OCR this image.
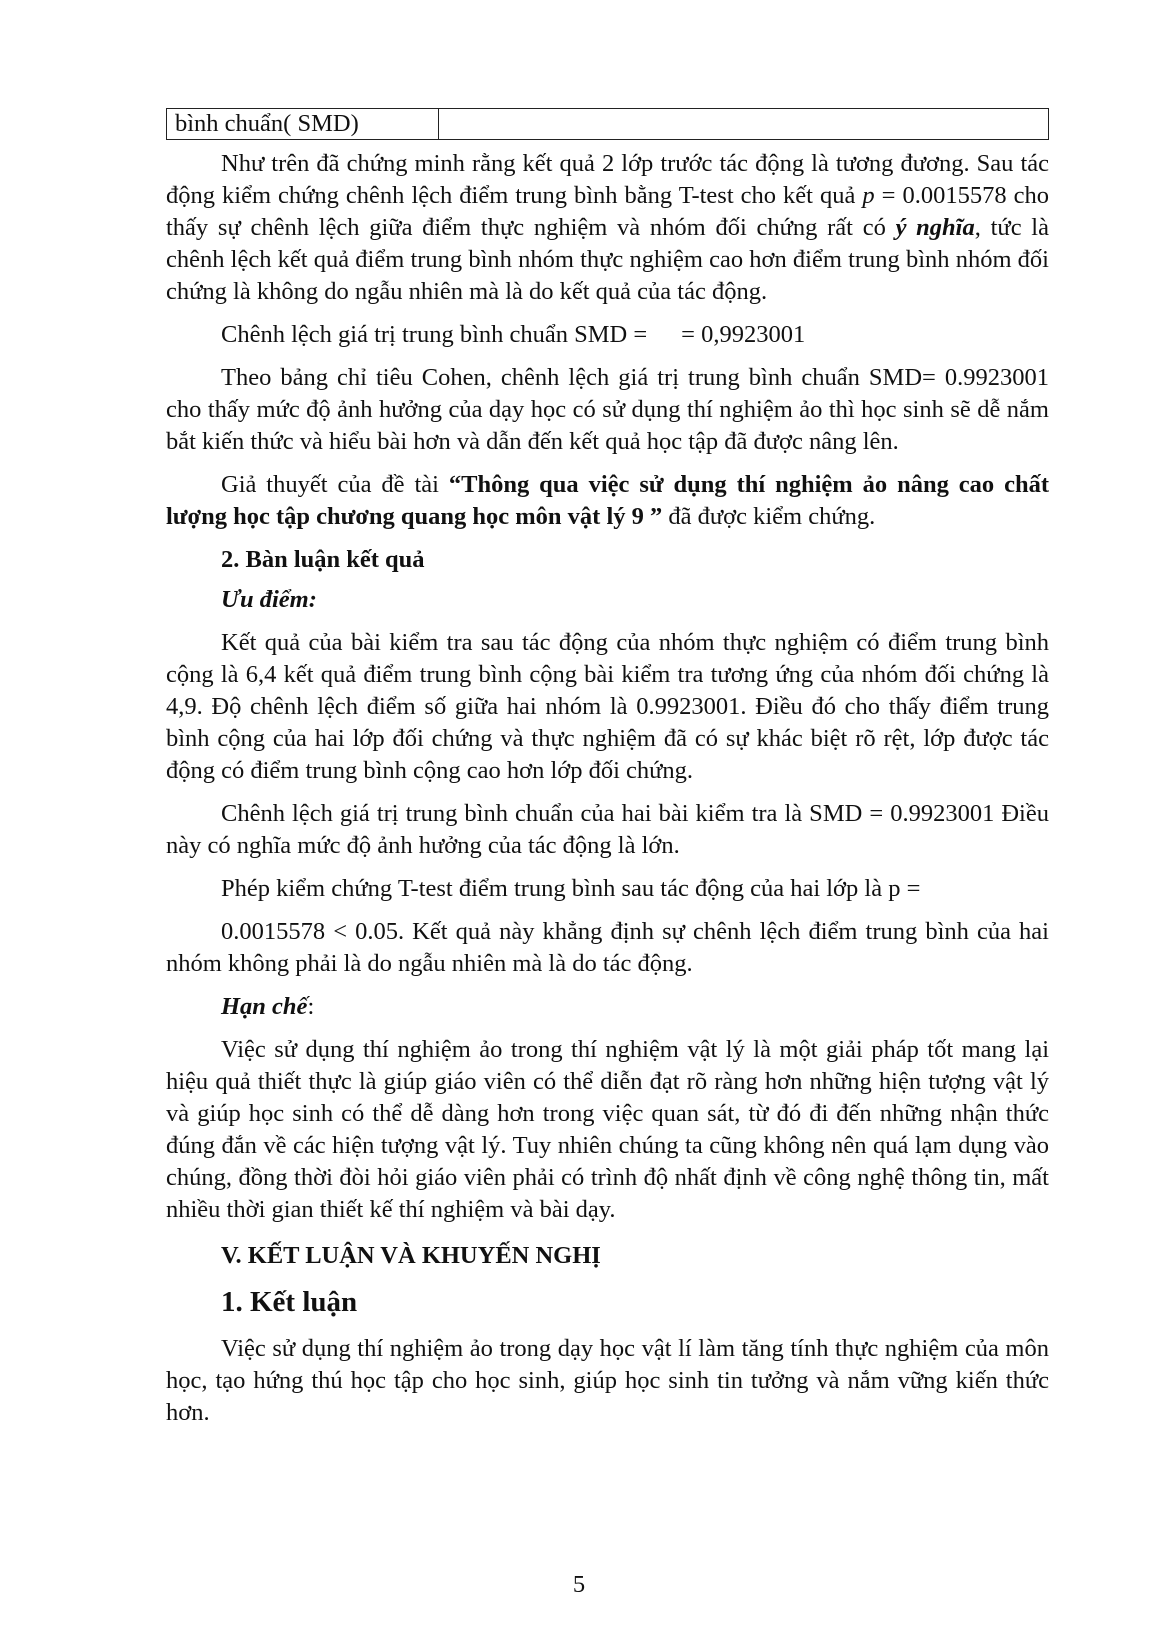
bình chuẩn( SMD)	

Như trên đã chứng minh rằng kết quả 2 lớp trước tác động là tương đương. Sau tác động kiểm chứng chênh lệch điểm trung bình bằng T-test cho kết quả p = 0.0015578 cho thấy sự chênh lệch giữa điểm thực nghiệm và nhóm đối chứng rất có ý nghĩa, tức là chênh lệch kết quả điểm trung bình nhóm thực nghiệm cao hơn điểm trung bình nhóm đối chứng là không do ngẫu nhiên mà là do kết quả của tác động.

Chênh lệch giá trị trung bình chuẩn SMD = = 0,9923001

Theo bảng chỉ tiêu Cohen, chênh lệch giá trị trung bình chuẩn SMD= 0.9923001 cho thấy mức độ ảnh hưởng của dạy học có sử dụng thí nghiệm ảo thì học sinh sẽ dễ nắm bắt kiến thức và hiểu bài hơn và dẫn đến kết quả học tập đã được nâng lên.

Giả thuyết của đề tài “Thông qua việc sử dụng thí nghiệm ảo nâng cao chất lượng học tập chương quang học môn vật lý 9 ” đã được kiểm chứng.

2. Bàn luận kết quả

Ưu điểm:

Kết quả của bài kiểm tra sau tác động của nhóm thực nghiệm có điểm trung bình cộng là 6,4 kết quả điểm trung bình cộng bài kiểm tra tương ứng của nhóm đối chứng là 4,9. Độ chênh lệch điểm số giữa hai nhóm là 0.9923001. Điều đó cho thấy điểm trung bình cộng của hai lớp đối chứng và thực nghiệm đã có sự khác biệt rõ rệt, lớp được tác động có điểm trung bình cộng cao hơn lớp đối chứng.

Chênh lệch giá trị trung bình chuẩn của hai bài kiểm tra là SMD = 0.9923001 Điều này có nghĩa mức độ ảnh hưởng của tác động là lớn.

Phép kiểm chứng T-test điểm trung bình sau tác động của hai lớp là p =

0.0015578 < 0.05. Kết quả này khẳng định sự chênh lệch điểm trung bình của hai nhóm không phải là do ngẫu nhiên mà là do tác động.

Hạn chế:

Việc sử dụng thí nghiệm ảo trong thí nghiệm vật lý là một giải pháp tốt mang lại hiệu quả thiết thực là giúp giáo viên có thể diễn đạt rõ ràng hơn những hiện tượng vật lý và giúp học sinh có thể dễ dàng hơn trong việc quan sát, từ đó đi đến những nhận thức đúng đắn về các hiện tượng vật lý. Tuy nhiên chúng ta cũng không nên quá lạm dụng vào chúng, đồng thời đòi hỏi giáo viên phải có trình độ nhất định về công nghệ thông tin, mất nhiều thời gian thiết kế thí nghiệm và bài dạy.

V. KẾT LUẬN VÀ KHUYẾN NGHỊ

1. Kết luận

Việc sử dụng thí nghiệm ảo trong dạy học vật lí làm tăng tính thực nghiệm của môn học, tạo hứng thú học tập cho học sinh, giúp học sinh tin tưởng và nắm vững kiến thức hơn.

5
